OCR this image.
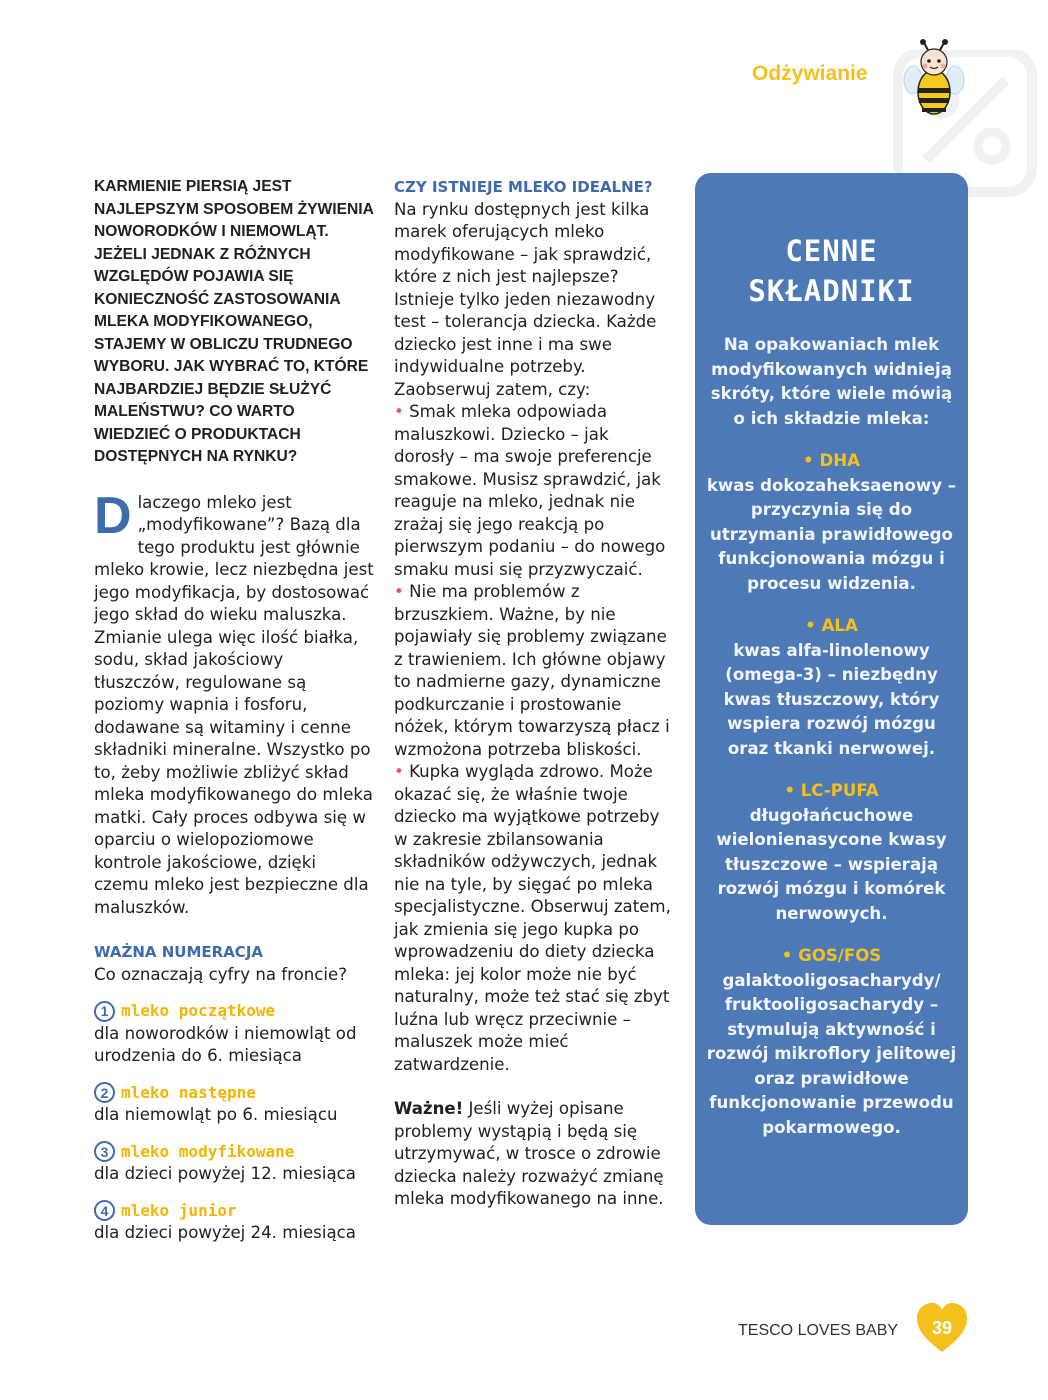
Odżywianie

KARMIENIE PIERSIĄ JEST NAJLEPSZYM SPOSOBEM ŻYWIENIA NOWORODKÓW I NIEMOWLĄT. JEŻELI JEDNAK Z RÓŻNYCH WZGLĘDÓW POJAWIA SIĘ KONIECZNOŚĆ ZASTOSOWANIA MLEKA MODYFIKOWANEGO, STAJEMY W OBLICZU TRUDNEGO WYBORU. JAK WYBRAĆ TO, KTÓRE NAJBARDZIEJ BĘDZIE SŁUŻYĆ MALEŃSTWU? CO WARTO WIEDZIEĆ O PRODUKTACH DOSTĘPNYCH NA RYNKU?

Dlaczego mleko jest „modyfikowane”? Bazą dla tego produktu jest głównie mleko krowie, lecz niezbędna jest jego modyfikacja, by dostosować jego skład do wieku maluszka. Zmianie ulega więc ilość białka, sodu, skład jakościowy tłuszczów, regulowane są poziomy wapnia i fosforu, dodawane są witaminy i cenne składniki mineralne. Wszystko po to, żeby możliwie zbliżyć skład mleka modyfikowanego do mleka matki. Cały proces odbywa się w oparciu o wielopoziomowe kontrole jakościowe, dzięki czemu mleko jest bezpieczne dla maluszków.

WAŻNA NUMERACJA

Co oznaczają cyfry na froncie?

1 mleko początkowe

dla noworodków i niemowląt od urodzenia do 6. miesiąca

2 mleko następne

dla niemowląt po 6. miesiącu

3 mleko modyfikowane

dla dzieci powyżej 12. miesiąca

4 mleko junior

dla dzieci powyżej 24. miesiąca

CZY ISTNIEJE MLEKO IDEALNE?

Na rynku dostępnych jest kilka marek oferujących mleko modyfikowane – jak sprawdzić, które z nich jest najlepsze? Istnieje tylko jeden niezawodny test – tolerancja dziecka. Każde dziecko jest inne i ma swe indywidualne potrzeby. Zaobserwuj zatem, czy:

• Smak mleka odpowiada maluszkowi. Dziecko – jak dorosły – ma swoje preferencje smakowe. Musisz sprawdzić, jak reaguje na mleko, jednak nie zrażaj się jego reakcją po pierwszym podaniu – do nowego smaku musi się przyzwyczaić.

• Nie ma problemów z brzuszkiem. Ważne, by nie pojawiały się problemy związane z trawieniem. Ich główne objawy to nadmierne gazy, dynamiczne podkurczanie i prostowanie nóżek, którym towarzyszą płacz i wzmożona potrzeba bliskości.

• Kupka wygląda zdrowo. Może okazać się, że właśnie twoje dziecko ma wyjątkowe potrzeby w zakresie zbilansowania składników odżywczych, jednak nie na tyle, by sięgać po mleka specjalistyczne. Obserwuj zatem, jak zmienia się jego kupka po wprowadzeniu do diety dziecka mleka: jej kolor może nie być naturalny, może też stać się zbyt luźna lub wręcz przeciwnie – maluszek może mieć zatwardzenie.

Ważne! Jeśli wyżej opisane problemy wystąpią i będą się utrzymywać, w trosce o zdrowie dziecka należy rozważyć zmianę mleka modyfikowanego na inne.

CENNE
SKŁADNIKI
Na opakowaniach mlek modyfikowanych widnieją skróty, które wiele mówią o ich składzie mleka:
• DHA
kwas dokozaheksaenowy – przyczynia się do utrzymania prawidłowego funkcjonowania mózgu i procesu widzenia.
• ALA
kwas alfa-linolenowy (omega-3) – niezbędny kwas tłuszczowy, który wspiera rozwój mózgu oraz tkanki nerwowej.
• LC-PUFA
długołańcuchowe wielonienasycone kwasy tłuszczowe – wspierają rozwój mózgu i komórek nerwowych.
• GOS/FOS
galaktooligosacharydy/ fruktooligosacharydy – stymulują aktywność i rozwój mikroflory jelitowej oraz prawidłowe funkcjonowanie przewodu pokarmowego.
TESCO LOVES BABY	39
